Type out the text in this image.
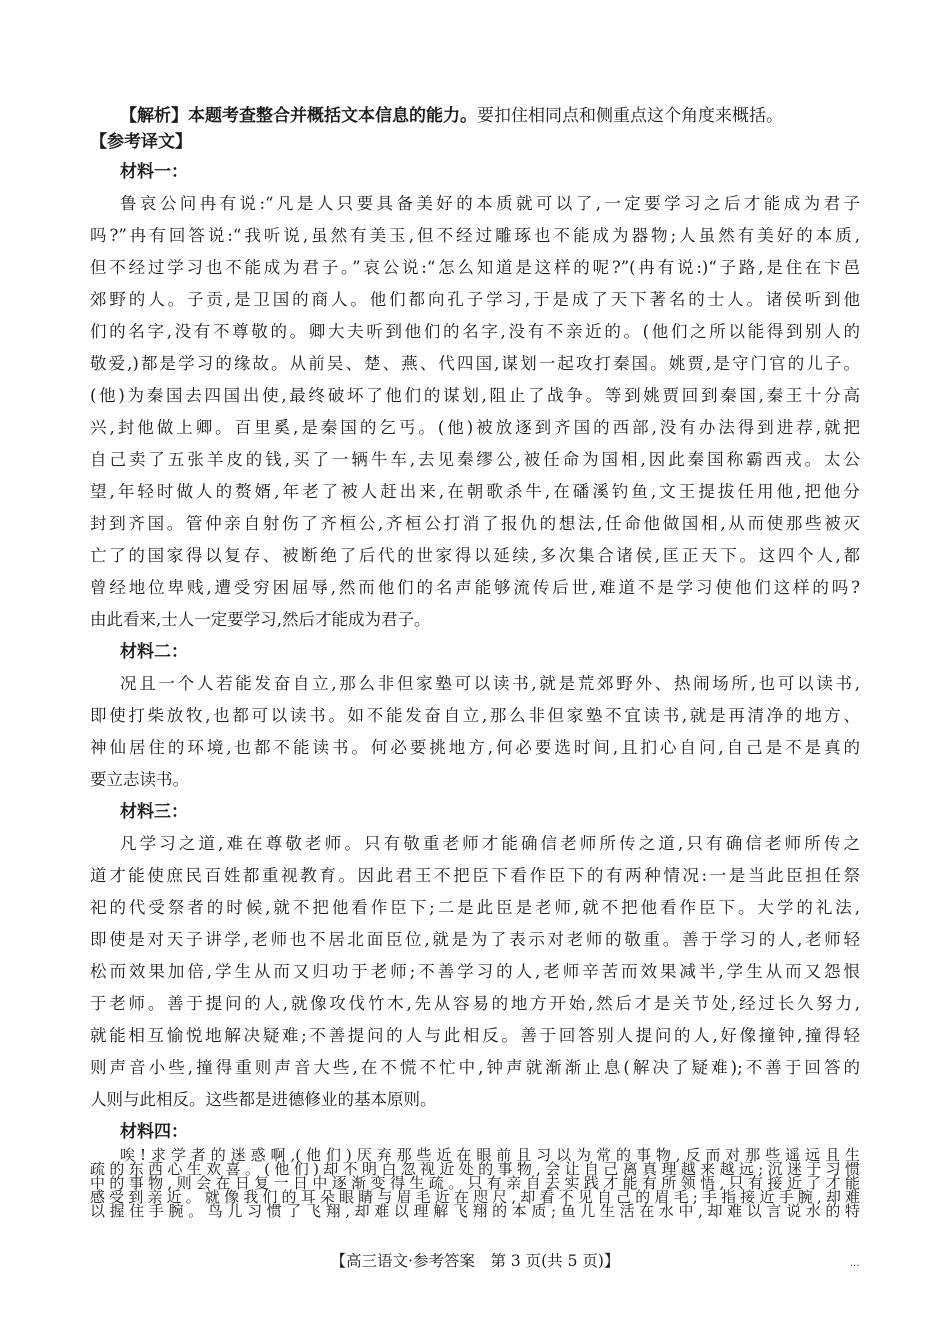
【解析】本题考查整合并概括文本信息的能力。要扣住相同点和侧重点这个角度来概括。
【参考译文】
材料一：
鲁哀公问冉有说:“凡是人只要具备美好的本质就可以了,一定要学习之后才能成为君子
吗?”冉有回答说:“我听说,虽然有美玉,但不经过雕琢也不能成为器物;人虽然有美好的本质,
但不经过学习也不能成为君子。”哀公说:“怎么知道是这样的呢?”(冉有说:)“子路,是住在卞邑
郊野的人。子贡,是卫国的商人。他们都向孔子学习,于是成了天下著名的士人。诸侯听到他
们的名字,没有不尊敬的。卿大夫听到他们的名字,没有不亲近的。(他们之所以能得到别人的
敬爱,)都是学习的缘故。从前吴、楚、燕、代四国,谋划一起攻打秦国。姚贾,是守门官的儿子。
(他)为秦国去四国出使,最终破坏了他们的谋划,阻止了战争。等到姚贾回到秦国,秦王十分高
兴,封他做上卿。百里奚,是秦国的乞丐。(他)被放逐到齐国的西部,没有办法得到进荐,就把
自己卖了五张羊皮的钱,买了一辆牛车,去见秦缪公,被任命为国相,因此秦国称霸西戎。太公
望,年轻时做人的赘婿,年老了被人赶出来,在朝歌杀牛,在磻溪钓鱼,文王提拔任用他,把他分
封到齐国。管仲亲自射伤了齐桓公,齐桓公打消了报仇的想法,任命他做国相,从而使那些被灭
亡了的国家得以复存、被断绝了后代的世家得以延续,多次集合诸侯,匡正天下。这四个人,都
曾经地位卑贱,遭受穷困屈辱,然而他们的名声能够流传后世,难道不是学习使他们这样的吗?
由此看来,士人一定要学习,然后才能成为君子。
材料二：
况且一个人若能发奋自立,那么非但家塾可以读书,就是荒郊野外、热闹场所,也可以读书,
即使打柴放牧,也都可以读书。如不能发奋自立,那么非但家塾不宜读书,就是再清净的地方、
神仙居住的环境,也都不能读书。何必要挑地方,何必要选时间,且扪心自问,自己是不是真的
要立志读书。
材料三：
凡学习之道,难在尊敬老师。只有敬重老师才能确信老师所传之道,只有确信老师所传之
道才能使庶民百姓都重视教育。因此君王不把臣下看作臣下的有两种情况:一是当此臣担任祭
祀的代受祭者的时候,就不把他看作臣下;二是此臣是老师,就不把他看作臣下。大学的礼法,
即使是对天子讲学,老师也不居北面臣位,就是为了表示对老师的敬重。善于学习的人,老师轻
松而效果加倍,学生从而又归功于老师;不善学习的人,老师辛苦而效果减半,学生从而又怨恨
于老师。善于提问的人,就像攻伐竹木,先从容易的地方开始,然后才是关节处,经过长久努力,
就能相互愉悦地解决疑难;不善提问的人与此相反。善于回答别人提问的人,好像撞钟,撞得轻
则声音小些,撞得重则声音大些,在不慌不忙中,钟声就渐渐止息(解决了疑难);不善于回答的
人则与此相反。这些都是进德修业的基本原则。
材料四：
【高三语文·参考答案　第 3 页(共 5 页)】	...
唉!求学者的迷惑啊,(他们)厌弃那些近在眼前且习以为常的事物,反而对那些遥远且生
疏的东西心生欢喜。(他们)却不明白忽视近处的事物,会让自己离真理越来越远;沉迷于习惯
中的事物,则会在日复一日中逐渐变得生疏。只有亲自去实践才能有所领悟,只有接近了才能
感受到亲近。就像我们的耳朵眼睛与眉毛近在咫尺,却看不见自己的眉毛;手指接近手腕,却难
以握住手腕。鸟儿习惯了飞翔,却难以理解飞翔的本质;鱼儿生活在水中,却难以言说水的特
